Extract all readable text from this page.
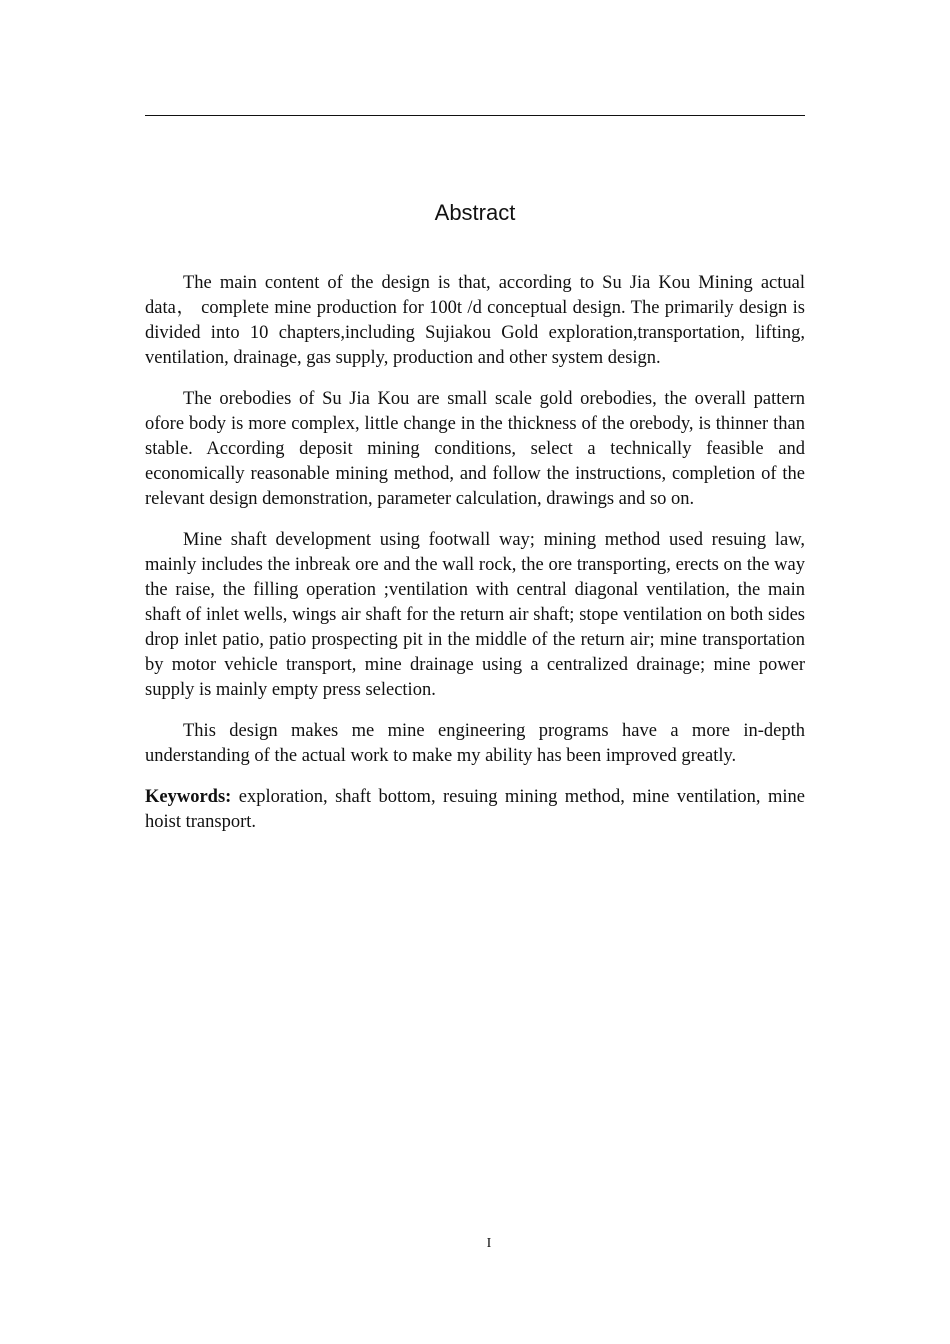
Abstract

The main content of the design is that, according to Su Jia Kou Mining actual data， complete mine production for 100t /d conceptual design. The primarily design is divided into 10 chapters,including Sujiakou Gold exploration,transportation, lifting, ventilation, drainage, gas supply, production and other system design.

The orebodies of Su Jia Kou are small scale gold orebodies, the overall pattern ofore body is more complex, little change in the thickness of the orebody, is thinner than stable. According deposit mining conditions, select a technically feasible and economically reasonable mining method, and follow the instructions, completion of the relevant design demonstration, parameter calculation, drawings and so on.

Mine shaft development using footwall way; mining method used resuing law, mainly includes the inbreak ore and the wall rock, the ore transporting, erects on the way the raise, the filling operation ;ventilation with central diagonal ventilation, the main shaft of inlet wells, wings air shaft for the return air shaft; stope ventilation on both sides drop inlet patio, patio prospecting pit in the middle of the return air; mine transportation by motor vehicle transport, mine drainage using a centralized drainage; mine power supply is mainly empty press selection.

This design makes me mine engineering programs have a more in-depth understanding of the actual work to make my ability has been improved greatly.

Keywords: exploration, shaft bottom, resuing mining method, mine ventilation, mine hoist transport.

I
